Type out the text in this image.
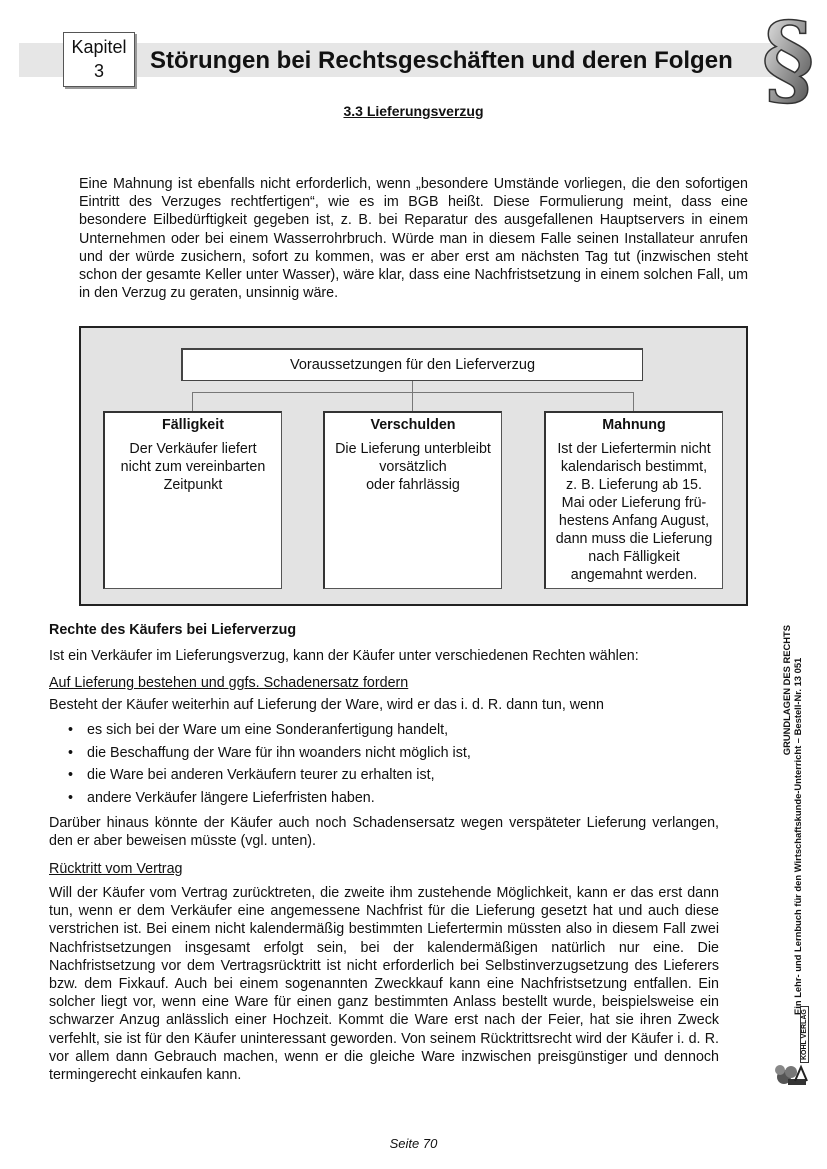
Kapitel
3	Störungen bei Rechtsgeschäften und deren Folgen §
3.3 Lieferungsverzug

Eine Mahnung ist ebenfalls nicht erforderlich, wenn „besondere Umstände vorliegen, die den sofortigen Eintritt des Verzuges rechtfertigen“, wie es im BGB heißt. Diese Formulierung meint, dass eine besondere Eilbedürftigkeit gegeben ist, z. B. bei Reparatur des ausgefallenen Hauptservers in einem Unternehmen oder bei einem Wasserrohrbruch. Würde man in diesem Falle seinen Installateur anrufen und der würde zusichern, sofort zu kommen, was er aber erst am nächsten Tag tut (inzwischen steht schon der gesamte Keller unter Wasser), wäre klar, dass eine Nachfristsetzung in einem solchen Fall, um in den Verzug zu geraten, unsinnig wäre.

Voraussetzungen für den Lieferverzug
Fälligkeit
Der Verkäufer liefert
nicht zum vereinbarten
Zeitpunkt
Verschulden
Die Lieferung unterbleibt
vorsätzlich
oder fahrlässig
Mahnung
Ist der Liefertermin nicht
kalendarisch bestimmt,
z. B. Lieferung ab 15.
Mai oder Lieferung frü-
hestens Anfang August,
dann muss die Lieferung
nach Fälligkeit
angemahnt werden.

Rechte des Käufers bei Lieferverzug

Ist ein Verkäufer im Lieferungsverzug, kann der Käufer unter verschiedenen Rechten wählen:

Auf Lieferung bestehen und ggfs. Schadenersatz fordern

Besteht der Käufer weiterhin auf Lieferung der Ware, wird er das i. d. R. dann tun, wenn

• es sich bei der Ware um eine Sonderanfertigung handelt,
• die Beschaffung der Ware für ihn woanders nicht möglich ist,
• die Ware bei anderen Verkäufern teurer zu erhalten ist,
• andere Verkäufer längere Lieferfristen haben.

Darüber hinaus könnte der Käufer auch noch Schadensersatz wegen verspäteter Lieferung verlangen, den er aber beweisen müsste (vgl. unten).

Rücktritt vom Vertrag

Will der Käufer vom Vertrag zurücktreten, die zweite ihm zustehende Möglichkeit, kann er das erst dann tun, wenn er dem Verkäufer eine angemessene Nachfrist für die Lieferung gesetzt hat und auch diese verstrichen ist. Bei einem nicht kalendermäßig bestimmten Liefertermin müssten also in diesem Fall zwei Nachfristsetzungen insgesamt erfolgt sein, bei der kalendermäßigen natürlich nur eine. Die Nachfristsetzung vor dem Vertragsrücktritt ist nicht erforderlich bei Selbstinverzugsetzung des Lieferers bzw. dem Fixkauf. Auch bei einem sogenannten Zweckkauf kann eine Nachfristsetzung entfallen. Ein solcher liegt vor, wenn eine Ware für einen ganz bestimmten Anlass bestellt wurde, beispielsweise ein schwarzer Anzug anlässlich einer Hochzeit. Kommt die Ware erst nach der Feier, hat sie ihren Zweck verfehlt, sie ist für den Käufer uninteressant geworden. Von seinem Rücktrittsrecht wird der Käufer i. d. R. vor allem dann Gebrauch machen, wenn er die gleiche Ware inzwischen preisgünstiger und dennoch termingerecht einkaufen kann.

Seite 70
GRUNDLAGEN DES RECHTS Ein Lehr- und Lernbuch für den Wirtschaftskunde-Unterricht – Bestell-Nr. 13 051
KOHL VERLAG
